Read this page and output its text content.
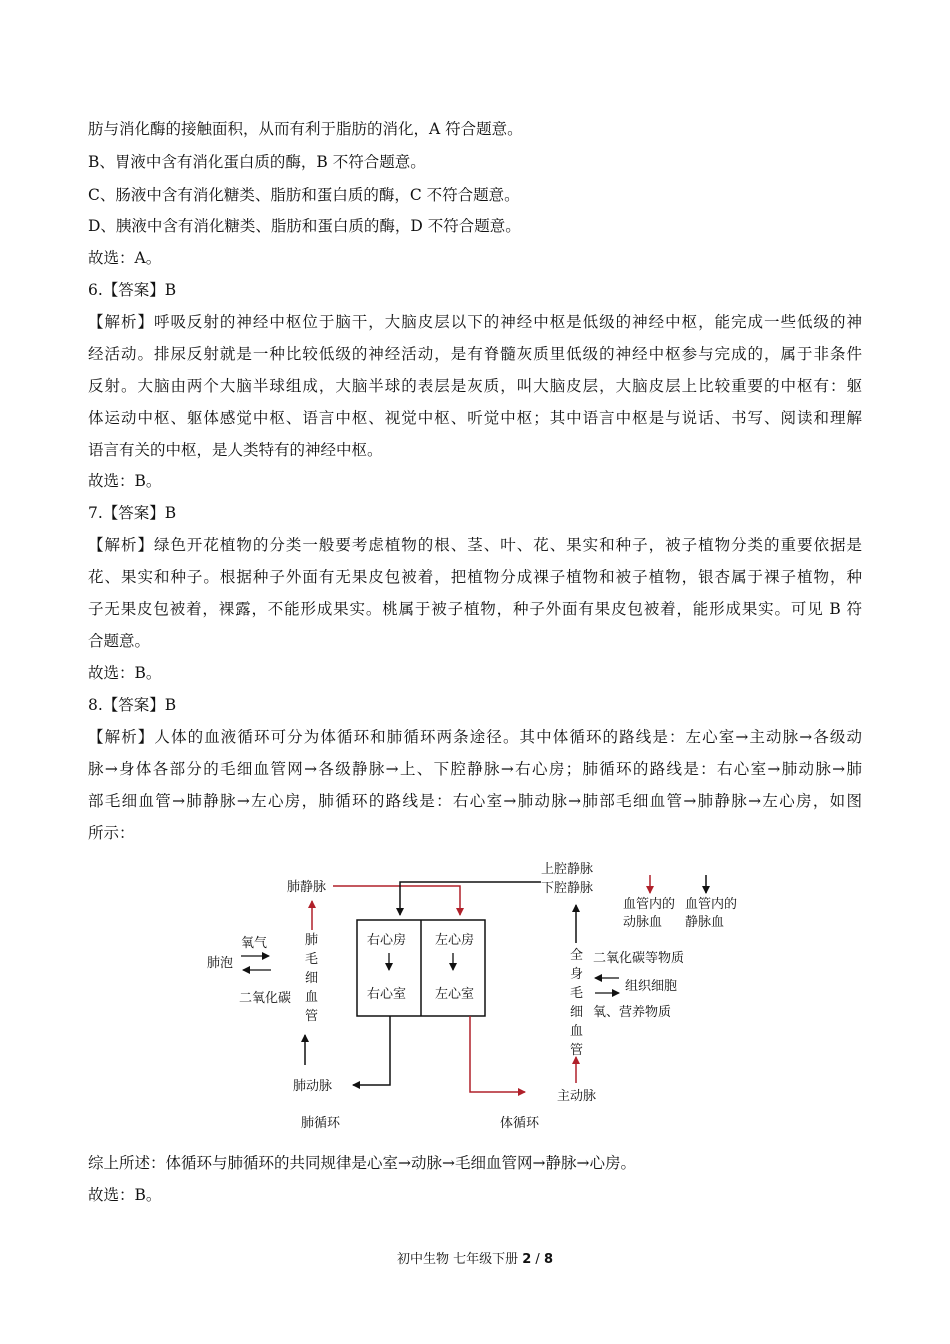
肪与消化酶的接触面积，从而有利于脂肪的消化，A 符合题意。
B、胃液中含有消化蛋白质的酶，B 不符合题意。
C、肠液中含有消化糖类、脂肪和蛋白质的酶，C 不符合题意。
D、胰液中含有消化糖类、脂肪和蛋白质的酶，D 不符合题意。
故选：A。
6.【答案】B
【解析】呼吸反射的神经中枢位于脑干，大脑皮层以下的神经中枢是低级的神经中枢，能完成一些低级的神
经活动。排尿反射就是一种比较低级的神经活动，是有脊髓灰质里低级的神经中枢参与完成的，属于非条件
反射。大脑由两个大脑半球组成，大脑半球的表层是灰质，叫大脑皮层，大脑皮层上比较重要的中枢有：躯
体运动中枢、躯体感觉中枢、语言中枢、视觉中枢、听觉中枢；其中语言中枢是与说话、书写、阅读和理解
语言有关的中枢，是人类特有的神经中枢。
故选：B。
7.【答案】B
【解析】绿色开花植物的分类一般要考虑植物的根、茎、叶、花、果实和种子，被子植物分类的重要依据是
花、果实和种子。根据种子外面有无果皮包被着，把植物分成裸子植物和被子植物，银杏属于裸子植物，种
子无果皮包被着，裸露，不能形成果实。桃属于被子植物，种子外面有果皮包被着，能形成果实。可见 B 符
合题意。
故选：B。
8.【答案】B
【解析】人体的血液循环可分为体循环和肺循环两条途径。其中体循环的路线是：左心室→主动脉→各级动
脉→身体各部分的毛细血管网→各级静脉→上、下腔静脉→右心房；肺循环的路线是：右心室→肺动脉→肺
部毛细血管→肺静脉→左心房，肺循环的路线是：右心室→肺动脉→肺部毛细血管→肺静脉→左心房，如图
所示：
肺静脉
上腔静脉
下腔静脉
血管内的
动脉血
血管内的
静脉血
右心房 左心房
右心室 左心室
氧气
肺泡
二氧化碳
肺
毛
细
血
管
肺动脉
主动脉
全
身
毛
细
血
管
二氧化碳等物质
组织细胞
氧、营养物质
肺循环	体循环
综上所述：体循环与肺循环的共同规律是心室→动脉→毛细血管网→静脉→心房。
故选：B。
初中生物 七年级下册 2 / 8
